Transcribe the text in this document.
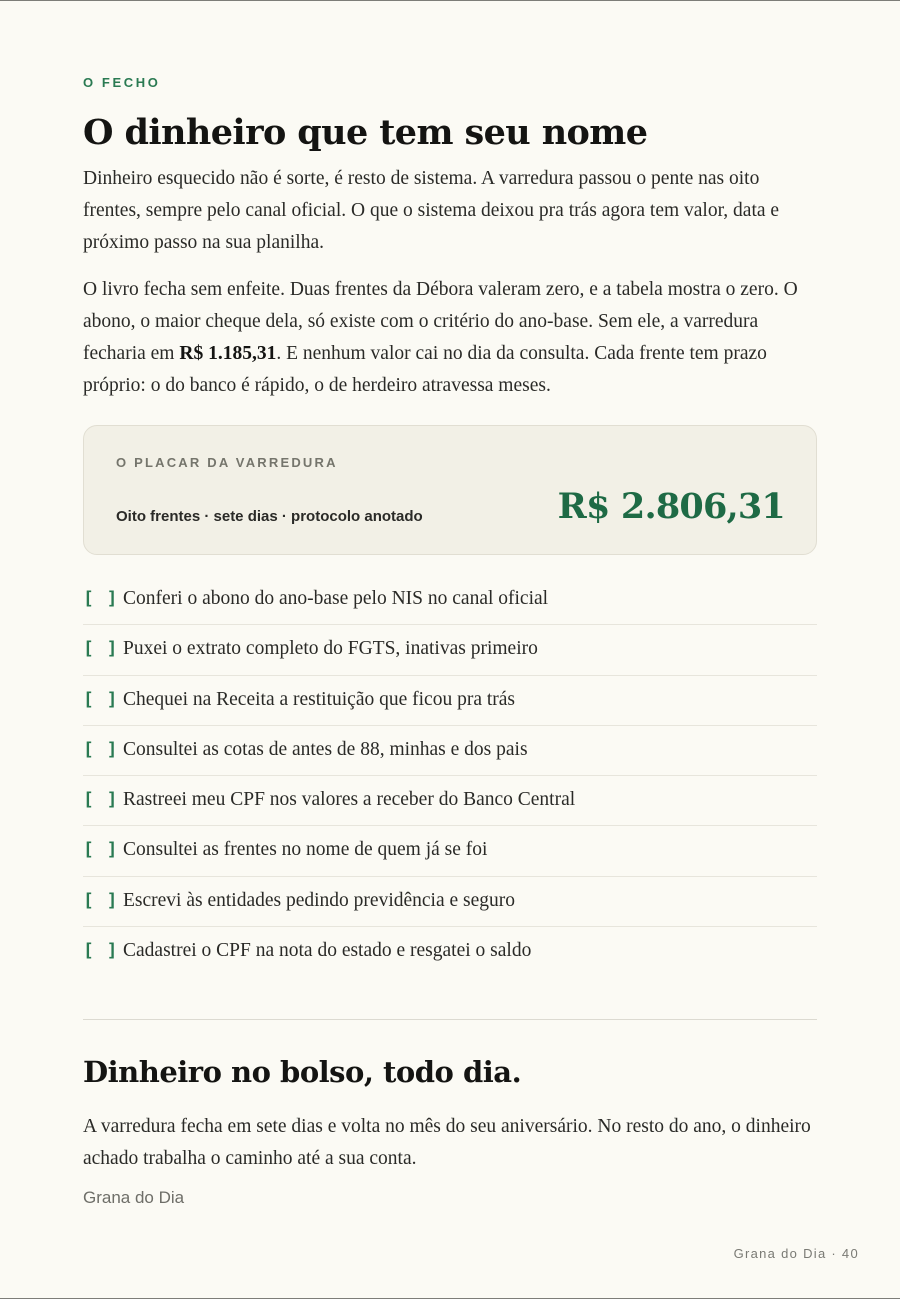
O FECHO
O dinheiro que tem seu nome

Dinheiro esquecido não é sorte, é resto de sistema. A varredura passou o pente nas oito frentes, sempre pelo canal oficial. O que o sistema deixou pra trás agora tem valor, data e próximo passo na sua planilha.

O livro fecha sem enfeite. Duas frentes da Débora valeram zero, e a tabela mostra o zero. O abono, o maior cheque dela, só existe com o critério do ano-base. Sem ele, a varredura fecharia em R$ 1.185,31. E nenhum valor cai no dia da consulta. Cada frente tem prazo próprio: o do banco é rápido, o de herdeiro atravessa meses.

O PLACAR DA VARREDURA
Oito frentes · sete dias · protocolo anotado	R$ 2.806,31
[ ] Conferi o abono do ano-base pelo NIS no canal oficial
[ ] Puxei o extrato completo do FGTS, inativas primeiro
[ ] Chequei na Receita a restituição que ficou pra trás
[ ] Consultei as cotas de antes de 88, minhas e dos pais
[ ] Rastreei meu CPF nos valores a receber do Banco Central
[ ] Consultei as frentes no nome de quem já se foi
[ ] Escrevi às entidades pedindo previdência e seguro
[ ] Cadastrei o CPF na nota do estado e resgatei o saldo
Dinheiro no bolso, todo dia.

A varredura fecha em sete dias e volta no mês do seu aniversário. No resto do ano, o dinheiro achado trabalha o caminho até a sua conta.

Grana do Dia
Grana do Dia · 40
